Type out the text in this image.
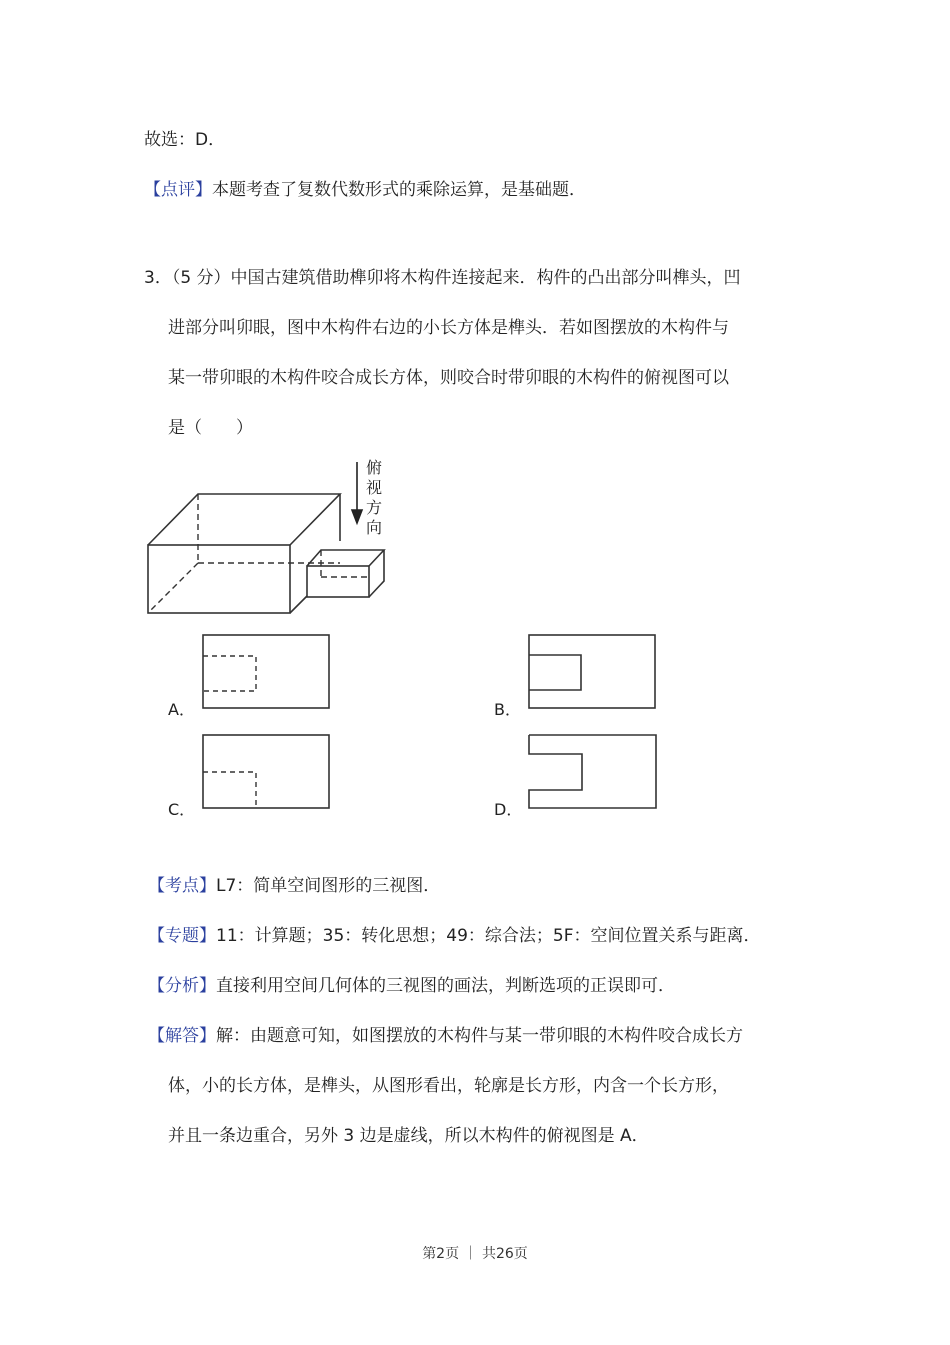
故选：D．
【点评】本题考查了复数代数形式的乘除运算，是基础题．
3．（5 分）中国古建筑借助榫卯将木构件连接起来．构件的凸出部分叫榫头，凹
进部分叫卯眼，图中木构件右边的小长方体是榫头．若如图摆放的木构件与
某一带卯眼的木构件咬合成长方体，则咬合时带卯眼的木构件的俯视图可以
是（　　）
俯
视
方
向
A．	B．
C．	D．
【考点】L7：简单空间图形的三视图．
【专题】11：计算题；35：转化思想；49：综合法；5F：空间位置关系与距离．
【分析】直接利用空间几何体的三视图的画法，判断选项的正误即可．
【解答】解：由题意可知，如图摆放的木构件与某一带卯眼的木构件咬合成长方
体，小的长方体，是榫头，从图形看出，轮廓是长方形，内含一个长方形，
并且一条边重合，另外 3 边是虚线，所以木构件的俯视图是 A．
第2页 ｜ 共26页
